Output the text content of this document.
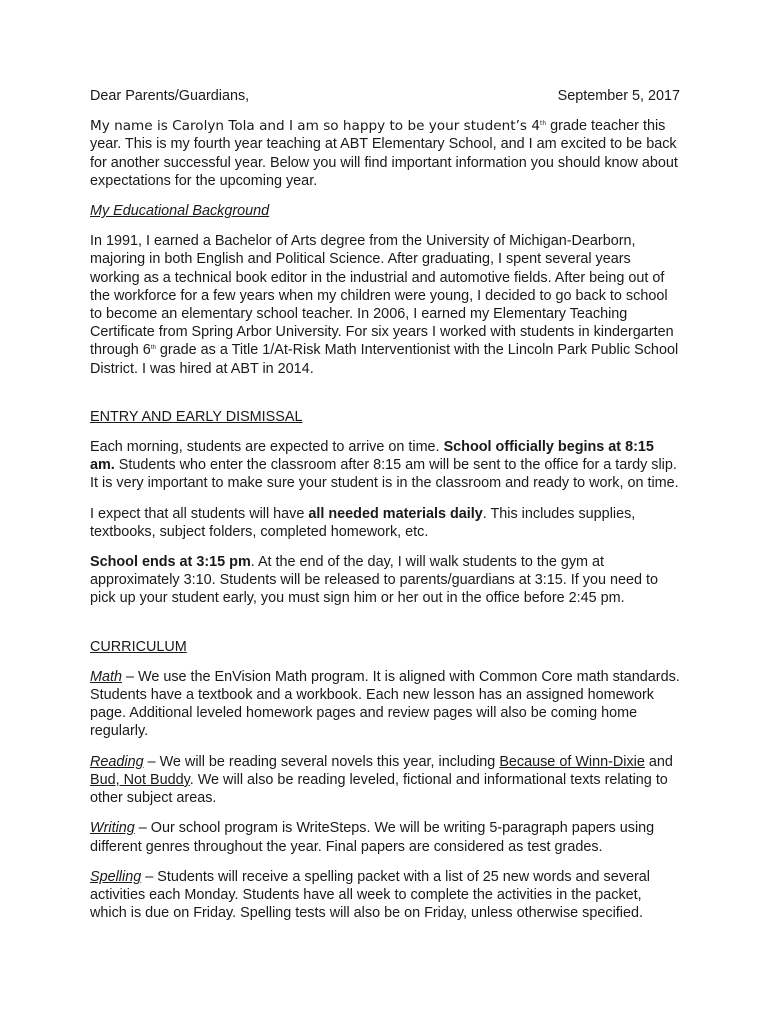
Dear Parents/Guardians,	September 5, 2017

My name is Carolyn Tola and I am so happy to be your student’s 4th grade teacher this year. This is my fourth year teaching at ABT Elementary School, and I am excited to be back for another successful year. Below you will find important information you should know about expectations for the upcoming year.

My Educational Background

In 1991, I earned a Bachelor of Arts degree from the University of Michigan-Dearborn, majoring in both English and Political Science. After graduating, I spent several years working as a technical book editor in the industrial and automotive fields. After being out of the workforce for a few years when my children were young, I decided to go back to school to become an elementary school teacher. In 2006, I earned my Elementary Teaching Certificate from Spring Arbor University. For six years I worked with students in kindergarten through 6th grade as a Title 1/At-Risk Math Interventionist with the Lincoln Park Public School District. I was hired at ABT in 2014.

ENTRY AND EARLY DISMISSAL

Each morning, students are expected to arrive on time. School officially begins at 8:15 am. Students who enter the classroom after 8:15 am will be sent to the office for a tardy slip. It is very important to make sure your student is in the classroom and ready to work, on time.

I expect that all students will have all needed materials daily. This includes supplies, textbooks, subject folders, completed homework, etc.

School ends at 3:15 pm. At the end of the day, I will walk students to the gym at approximately 3:10. Students will be released to parents/guardians at 3:15. If you need to pick up your student early, you must sign him or her out in the office before 2:45 pm.

CURRICULUM

Math – We use the EnVision Math program. It is aligned with Common Core math standards. Students have a textbook and a workbook. Each new lesson has an assigned homework page. Additional leveled homework pages and review pages will also be coming home regularly.

Reading – We will be reading several novels this year, including Because of Winn-Dixie and Bud, Not Buddy. We will also be reading leveled, fictional and informational texts relating to other subject areas.

Writing – Our school program is WriteSteps. We will be writing 5-paragraph papers using different genres throughout the year. Final papers are considered as test grades.

Spelling – Students will receive a spelling packet with a list of 25 new words and several activities each Monday. Students have all week to complete the activities in the packet, which is due on Friday. Spelling tests will also be on Friday, unless otherwise specified.
